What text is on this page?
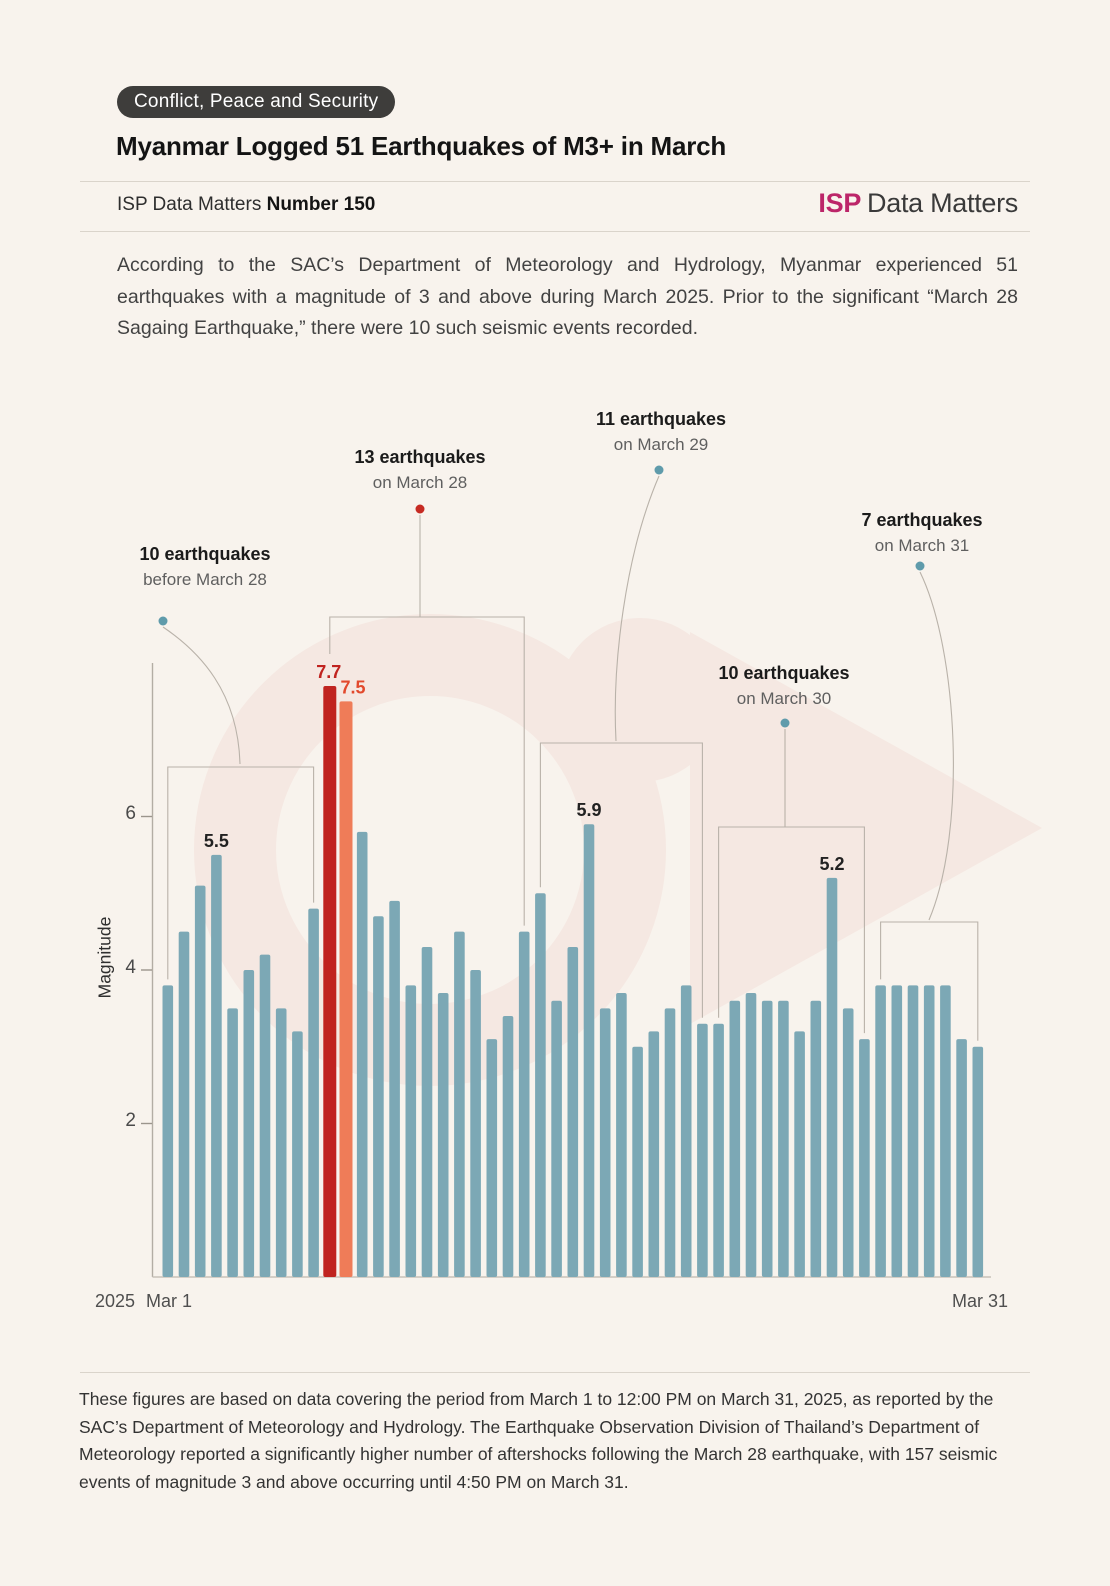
Conflict, Peace and Security
Myanmar Logged 51 Earthquakes of M3+ in March
ISP Data Matters Number 150	ISP Data Matters

According to the SAC’s Department of Meteorology and Hydrology, Myanmar experienced 51 earthquakes with a magnitude of 3 and above during March 2025. Prior to the significant “March 28 Sagaing Earthquake,” there were 10 such seismic events recorded.

5.5
7.7
7.5
5.9
5.2
6
4
2
Magnitude
2025 Mar 1	Mar 31
10 earthquakes
before March 28
13 earthquakes
on March 28
11 earthquakes
on March 29
10 earthquakes
on March 30
7 earthquakes
on March 31

These figures are based on data covering the period from March 1 to 12:00 PM on March 31, 2025, as reported by the SAC’s Department of Meteorology and Hydrology. The Earthquake Observation Division of Thailand’s Department of Meteorology reported a significantly higher number of aftershocks following the March 28 earthquake, with 157 seismic events of magnitude 3 and above occurring until 4:50 PM on March 31.
